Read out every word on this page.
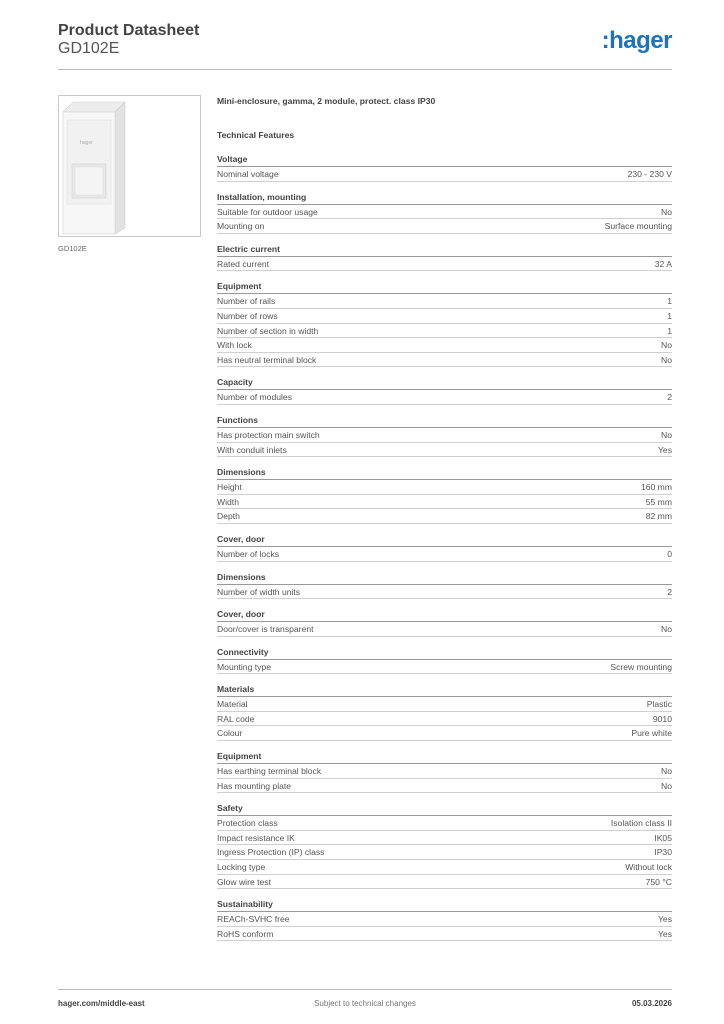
Product Datasheet
GD102E	:hager
hager
GD102E
Mini-enclosure, gamma, 2 module, protect. class IP30
Technical Features
Voltage
Nominal voltage	230 - 230 V
Installation, mounting
Suitable for outdoor usage	No
Mounting on	Surface mounting
Electric current
Rated current	32 A
Equipment
Number of rails	1
Number of rows	1
Number of section in width	1
With lock	No
Has neutral terminal block	No
Capacity
Number of modules	2
Functions
Has protection main switch	No
With conduit inlets	Yes
Dimensions
Height	160 mm
Width	55 mm
Depth	82 mm
Cover, door
Number of locks	0
Dimensions
Number of width units	2
Cover, door
Door/cover is transparent	No
Connectivity
Mounting type	Screw mounting
Materials
Material	Plastic
RAL code	9010
Colour	Pure white
Equipment
Has earthing terminal block	No
Has mounting plate	No
Safety
Protection class	Isolation class II
Impact resistance IK	IK05
Ingress Protection (IP) class	IP30
Locking type	Without lock
Glow wire test	750 °C
Sustainability
REACh-SVHC free	Yes
RoHS conform	Yes
hager.com/middle-east	Subject to technical changes	05.03.2026
